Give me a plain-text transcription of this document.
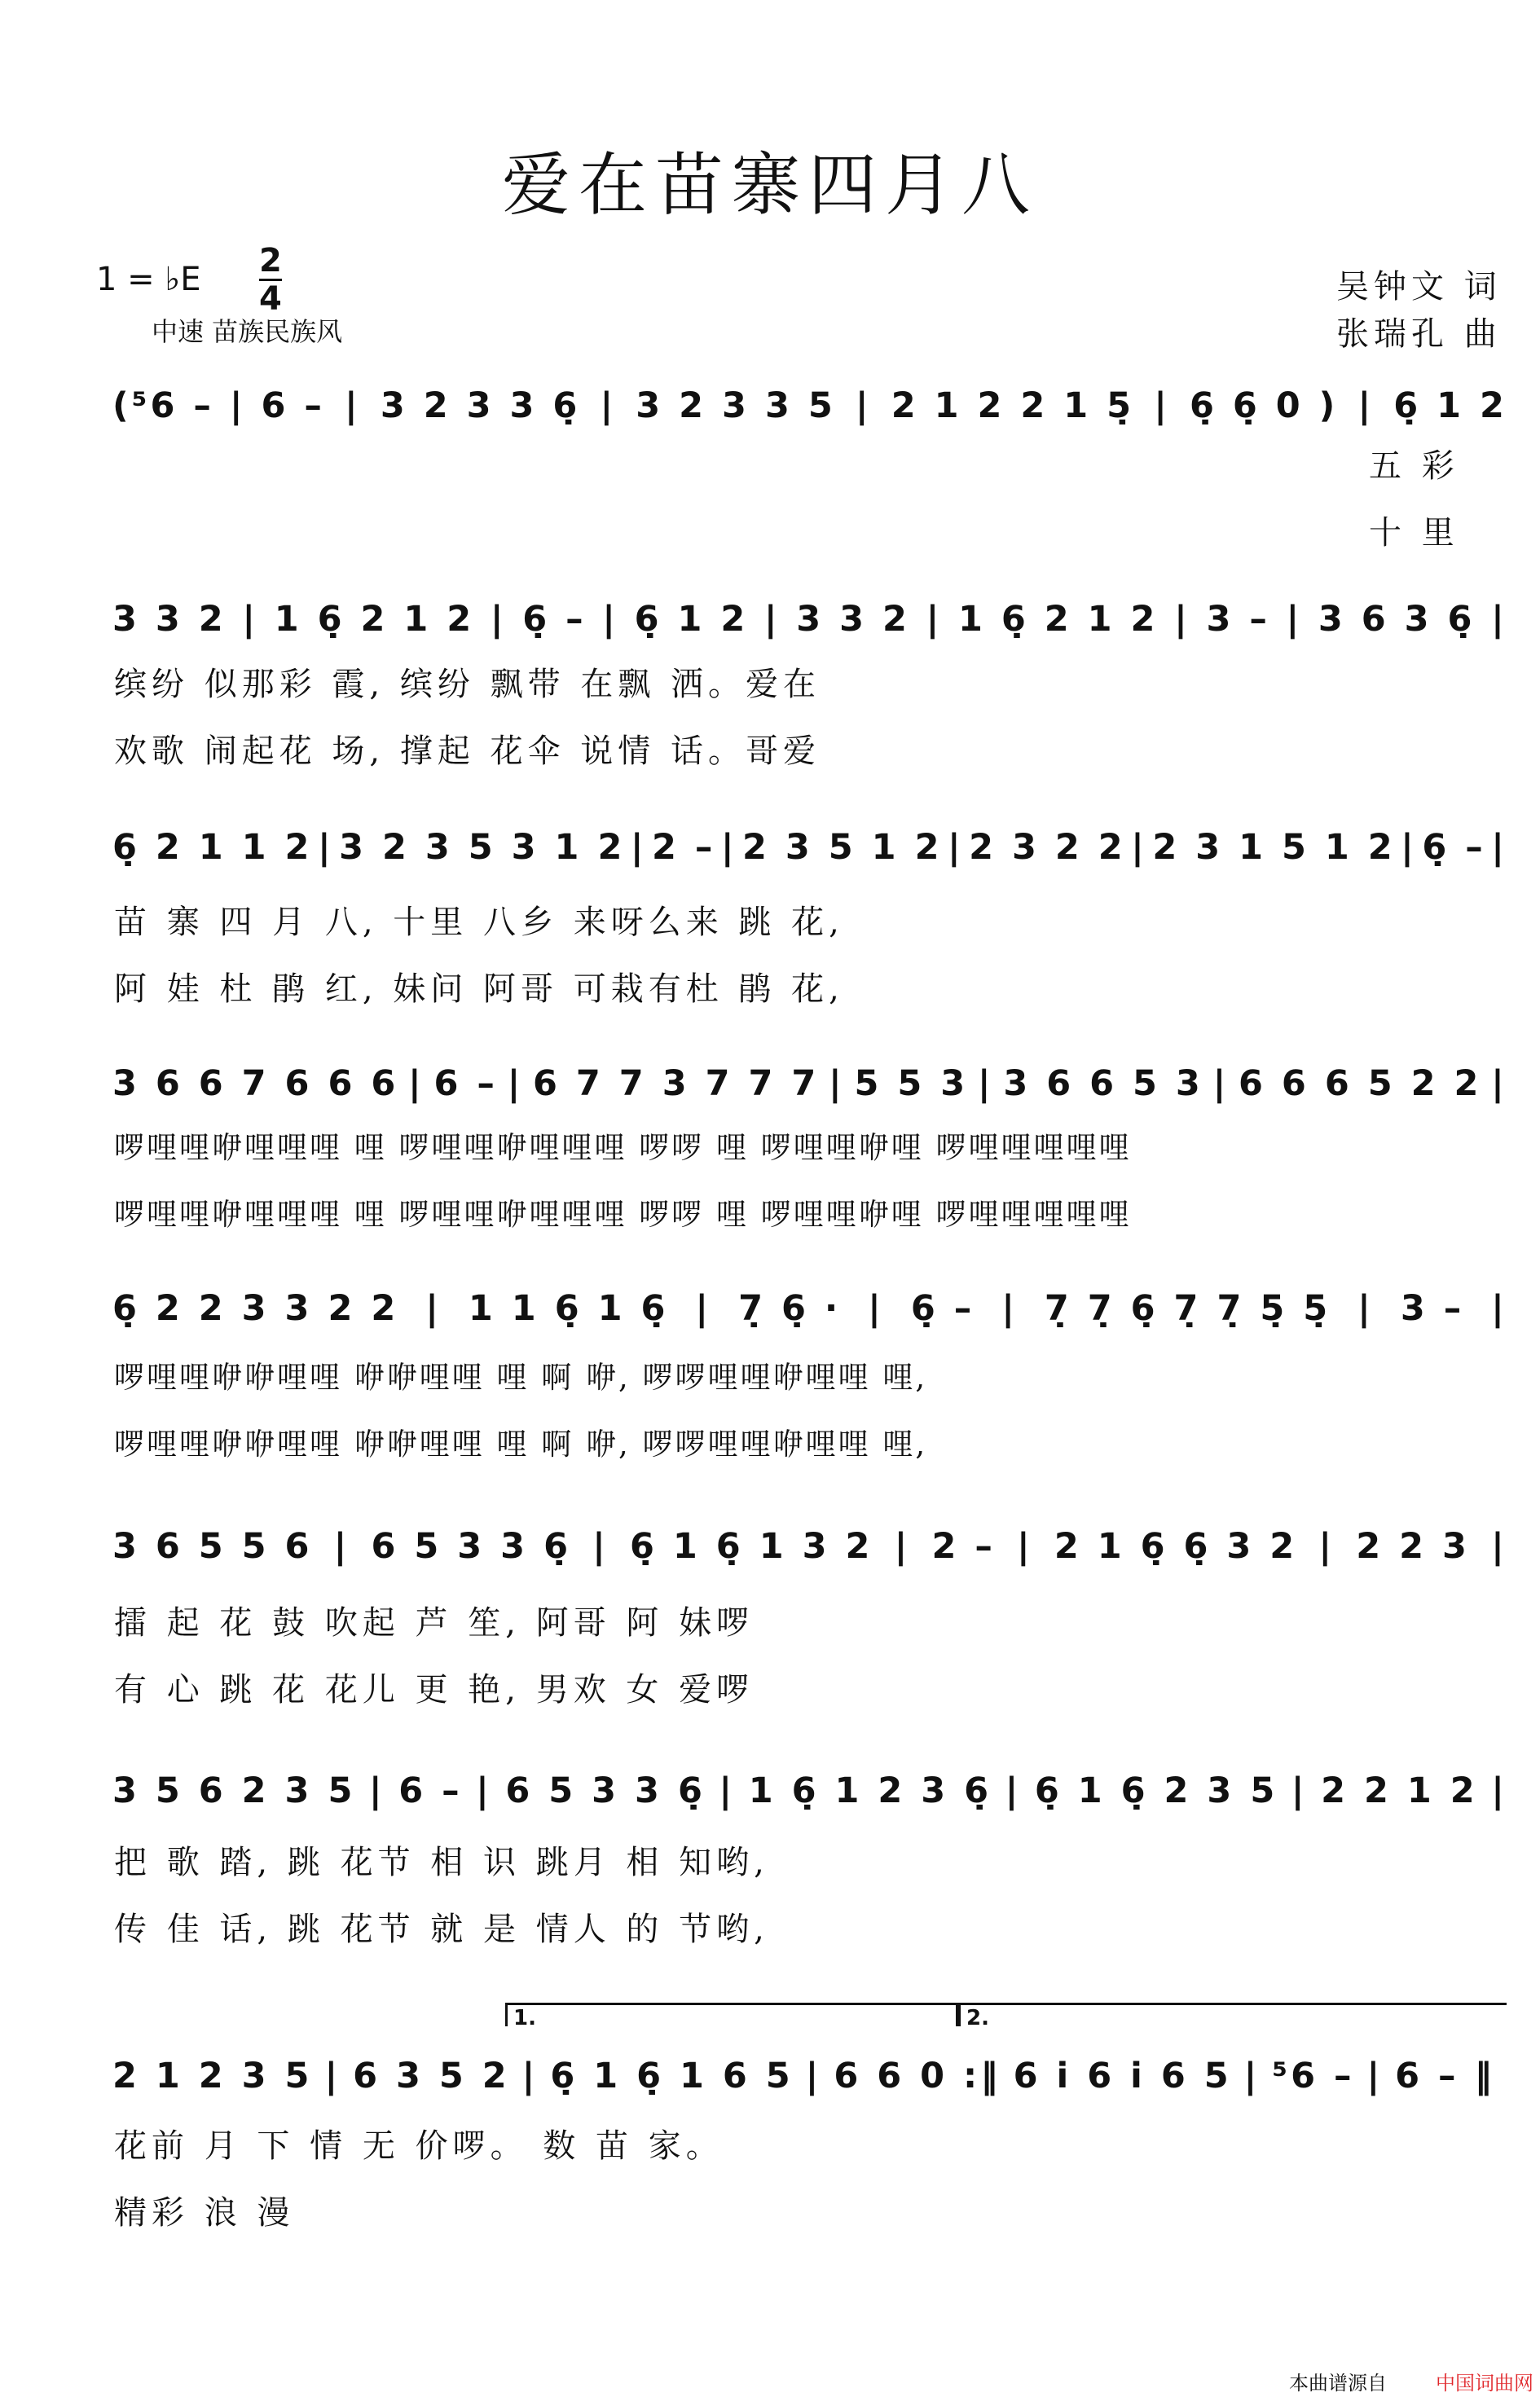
爱在苗寨四月八
1 = ♭E $\frac{2}{4}$
中速 苗族民族风
吴钟文 词
张瑞孔 曲
(⁵6 – | 6 – | 3 2 3 3 6̣ | 3 2 3 3 5 | 2 1 2 2 1 5̣ | 6̣ 6̣ 0 ) | 6̣ 1 2
五 彩
十 里
3 3 2 | 1 6̣ 2 1 2 | 6̣ – | 6̣ 1 2 | 3 3 2 | 1 6̣ 2 1 2 | 3 – | 3 6 3 6̣ |
缤纷 似那彩 霞, 缤纷 飘带 在飘 洒。爱在
欢歌 闹起花 场, 撑起 花伞 说情 话。哥爱
6̣ 2 1 1 2 | 3 2 3 5 3 1 2 | 2 – | 2 3 5 1 2 | 2 3 2 2 | 2 3 1 5 1 2 | 6̣ – |
苗 寨 四 月 八, 十里 八乡 来呀么来 跳 花,
阿 娃 杜 鹃 红, 妹问 阿哥 可栽有杜 鹃 花,
3 6 6 7 6 6 6 | 6 – | 6 7 7 3 7 7 7 | 5 5 3 | 3 6 6 5 3 | 6 6 6 5 2 2 |
啰哩哩咿哩哩哩 哩 啰哩哩咿哩哩哩 啰啰 哩 啰哩哩咿哩 啰哩哩哩哩哩
啰哩哩咿哩哩哩 哩 啰哩哩咿哩哩哩 啰啰 哩 啰哩哩咿哩 啰哩哩哩哩哩
6̣ 2 2 3 3 2 2 | 1 1 6̣ 1 6̣ | 7̣ 6̣ · | 6̣ – | 7̣ 7̣ 6̣ 7̣ 7̣ 5̣ 5̣ | 3 – |
啰哩哩咿咿哩哩 咿咿哩哩 哩 啊 咿, 啰啰哩哩咿哩哩 哩,
啰哩哩咿咿哩哩 咿咿哩哩 哩 啊 咿, 啰啰哩哩咿哩哩 哩,
3 6 5 5 6 | 6 5 3 3 6̣ | 6̣ 1 6̣ 1 3 2 | 2 – | 2 1 6̣ 6̣ 3 2 | 2 2 3 |
擂 起 花 鼓 吹起 芦 笙, 阿哥 阿 妹啰
有 心 跳 花 花儿 更 艳, 男欢 女 爱啰
3 5 6 2 3 5 | 6 – | 6 5 3 3 6̣ | 1 6̣ 1 2 3 6̣ | 6̣ 1 6̣ 2 3 5 | 2 2 1 2 |
把 歌 踏, 跳 花节 相 识 跳月 相 知哟,
传 佳 话, 跳 花节 就 是 情人 的 节哟,
1.	2.
2 1 2 3 5 | 6 3 5 2 | 6̣ 1 6̣ 1 6 5 | 6 6 0 :‖ 6 i 6 i 6 5 | ⁵6 – | 6 – ‖
花前 月 下 情 无 价啰。 数 苗 家。
精彩 浪 漫
本曲谱源自	中国词曲网
